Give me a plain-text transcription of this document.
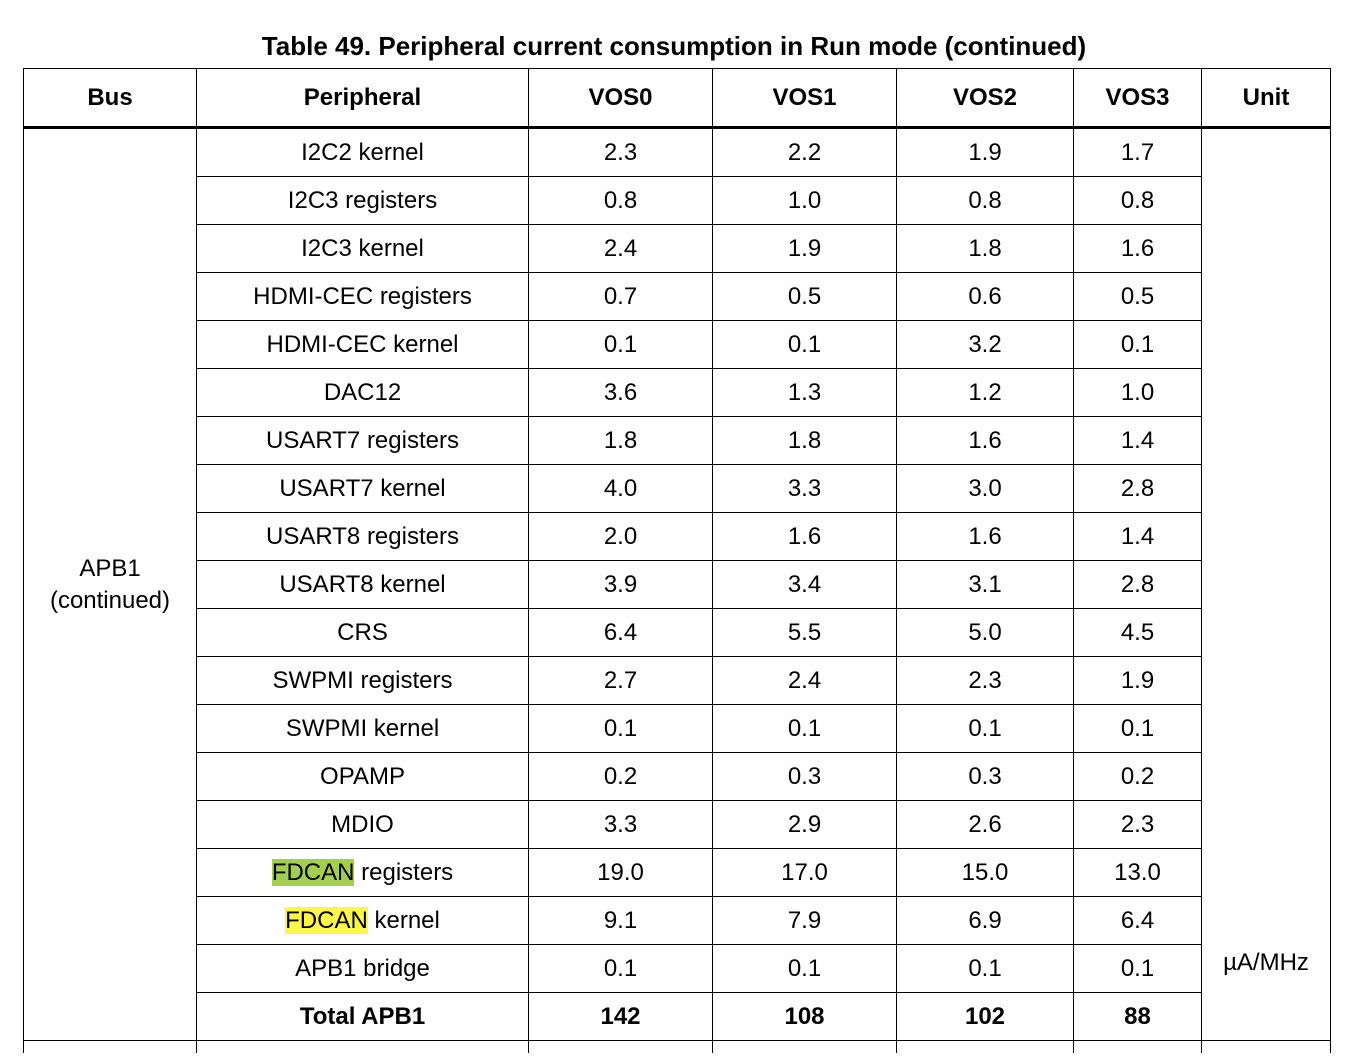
Table 49. Peripheral current consumption in Run mode (continued)
Bus	Peripheral	VOS0	VOS1	VOS2	VOS3	Unit
APB1
(continued)	I2C2 kernel	2.3	2.2	1.9	1.7	µA/MHz
	I2C3 registers	0.8	1.0	0.8	0.8	
	I2C3 kernel	2.4	1.9	1.8	1.6	
	HDMI-CEC registers	0.7	0.5	0.6	0.5	
	HDMI-CEC kernel	0.1	0.1	3.2	0.1	
	DAC12	3.6	1.3	1.2	1.0	
	USART7 registers	1.8	1.8	1.6	1.4	
	USART7 kernel	4.0	3.3	3.0	2.8	
	USART8 registers	2.0	1.6	1.6	1.4	
	USART8 kernel	3.9	3.4	3.1	2.8	
	CRS	6.4	5.5	5.0	4.5	
	SWPMI registers	2.7	2.4	2.3	1.9	
	SWPMI kernel	0.1	0.1	0.1	0.1	
	OPAMP	0.2	0.3	0.3	0.2	
	MDIO	3.3	2.9	2.6	2.3	
	FDCAN registers	19.0	17.0	15.0	13.0	
	FDCAN kernel	9.1	7.9	6.9	6.4	
	APB1 bridge	0.1	0.1	0.1	0.1	
	Total APB1	142	108	102	88	
